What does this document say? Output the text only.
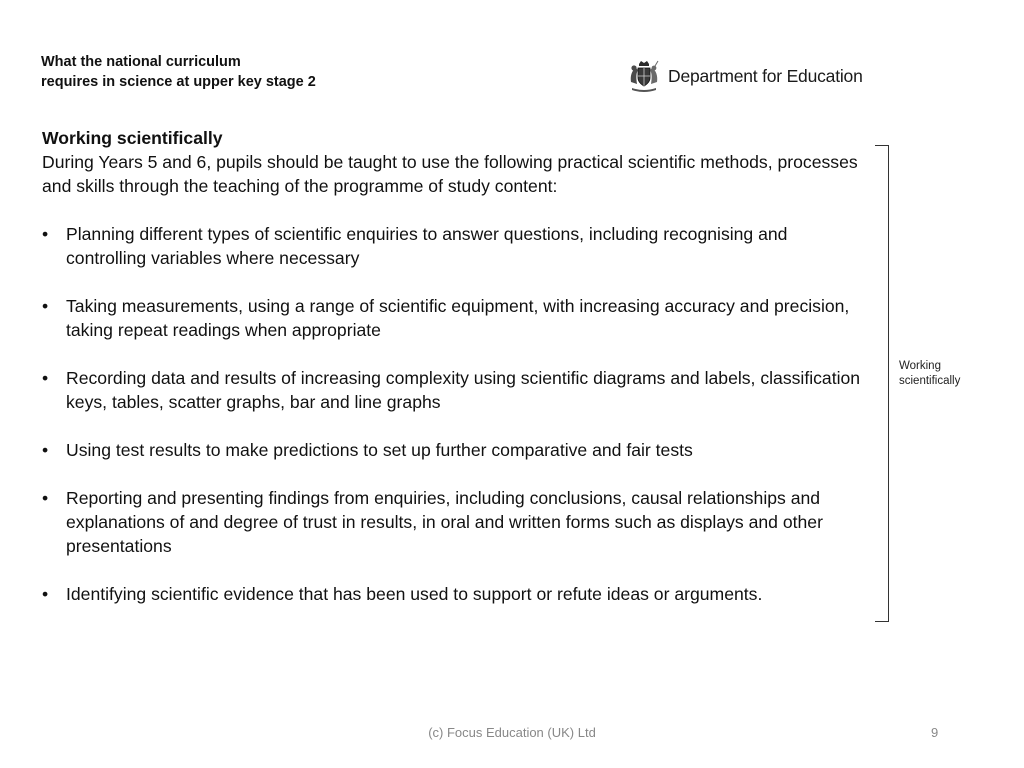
What the national curriculum
requires in science at upper key stage 2	Department for Education
Working scientifically

During Years 5 and 6, pupils should be taught to use the following practical scientific methods, processes and skills through the teaching of the programme of study content:

•	Planning different types of scientific enquiries to answer questions, including recognising and controlling variables where necessary
•	Taking measurements, using a range of scientific equipment, with increasing accuracy and precision, taking repeat readings when appropriate
•	Recording data and results of increasing complexity using scientific diagrams and labels, classification keys, tables, scatter graphs, bar and line graphs
•	Using test results to make predictions to set up further comparative and fair tests
•	Reporting and presenting findings from enquiries, including conclusions, causal relationships and explanations of and degree of trust in results, in oral and written forms such as displays and other presentations
•	Identifying scientific evidence that has been used to support or refute ideas or arguments.
Working
scientifically
(c) Focus Education (UK) Ltd	9
